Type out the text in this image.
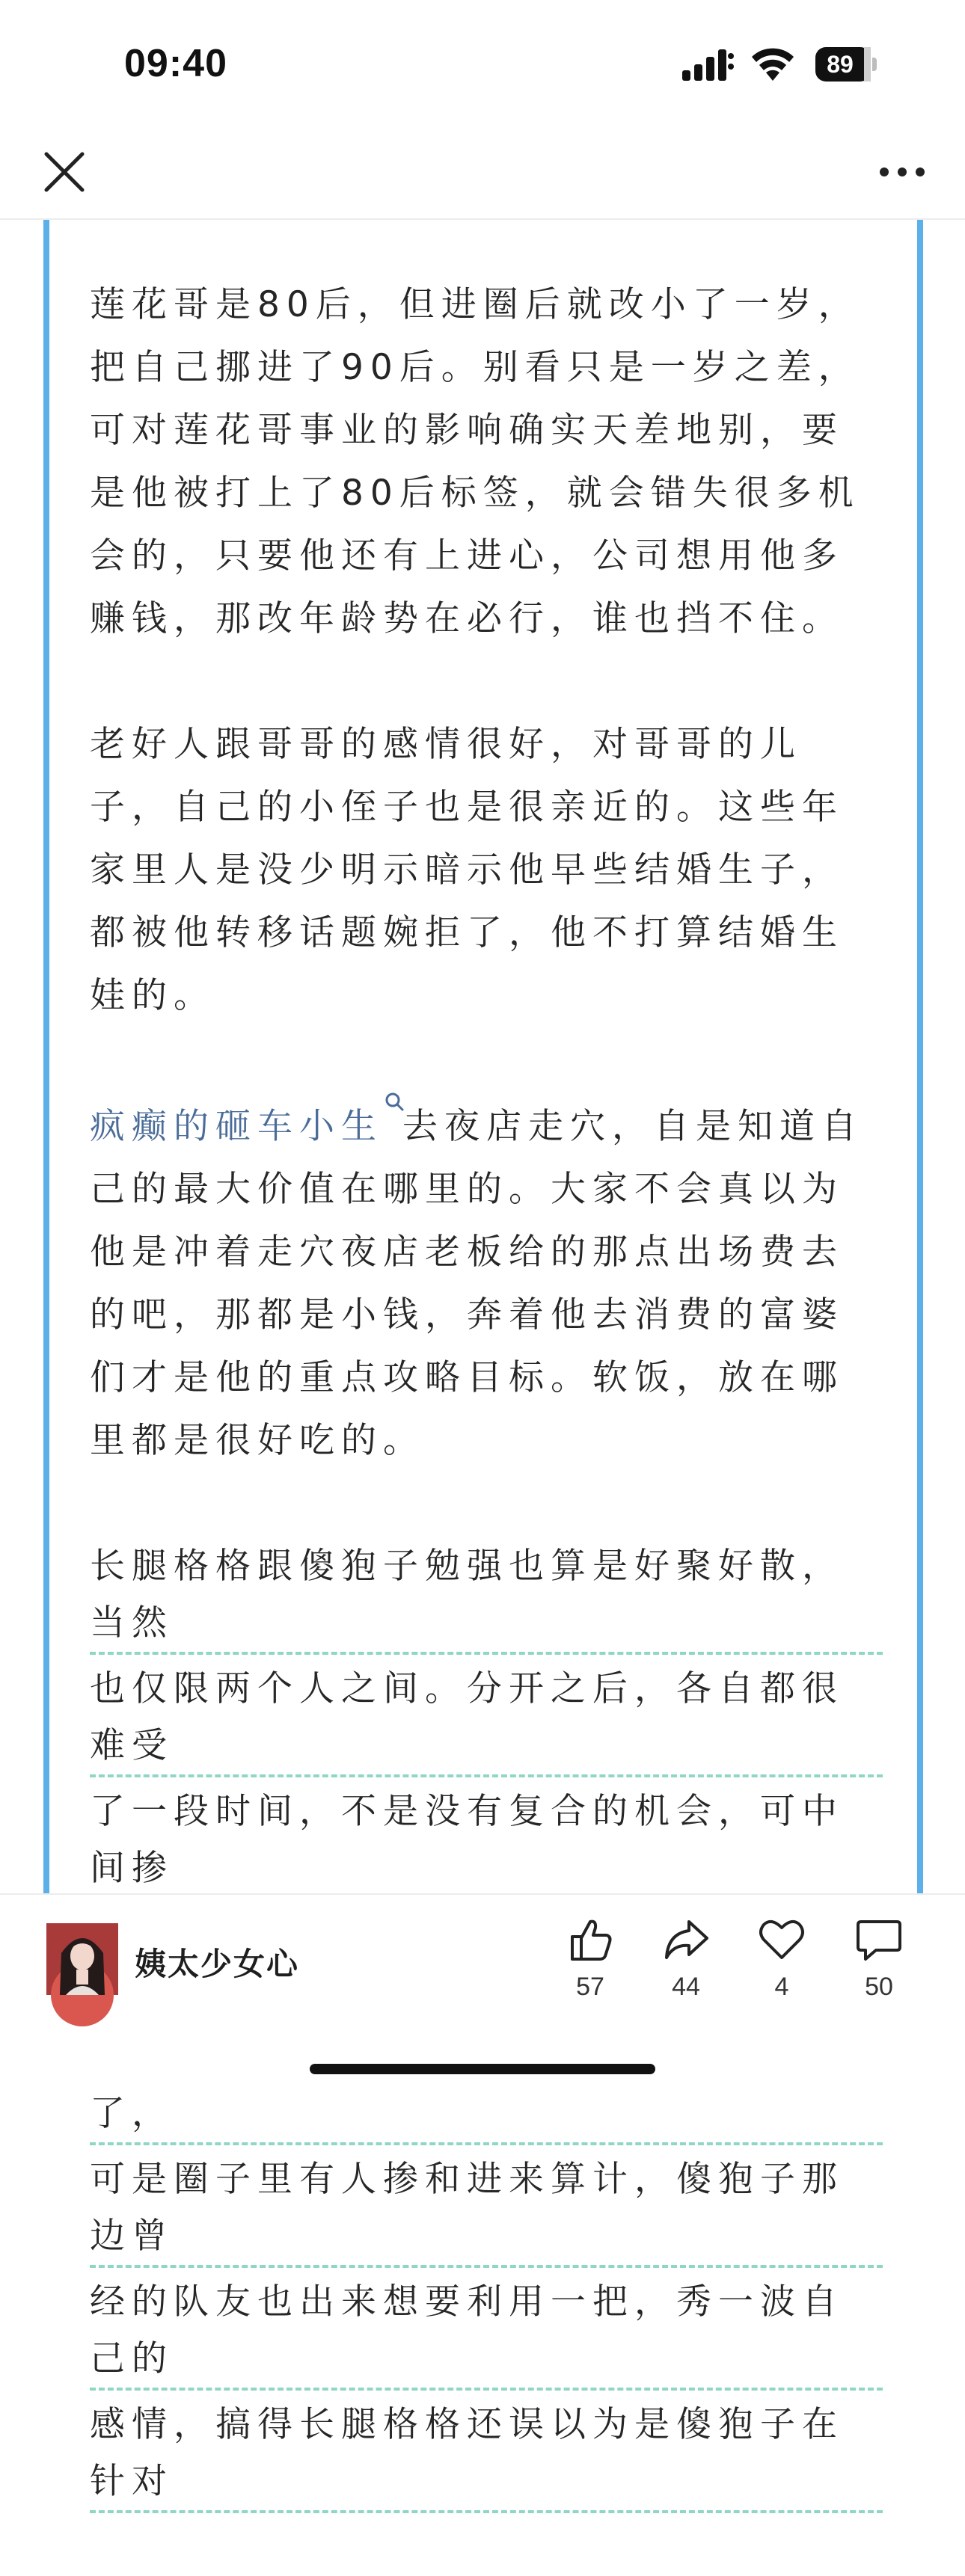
09:40	89

莲花哥是80后，但进圈后就改小了一岁，把自己挪进了90后。别看只是一岁之差，可对莲花哥事业的影响确实天差地别，要是他被打上了80后标签，就会错失很多机会的，只要他还有上进心，公司想用他多赚钱，那改年龄势在必行，谁也挡不住。

老好人跟哥哥的感情很好，对哥哥的儿子，自己的小侄子也是很亲近的。这些年家里人是没少明示暗示他早些结婚生子，都被他转移话题婉拒了，他不打算结婚生娃的。

疯癫的砸车小生 去夜店走穴，自是知道自己的最大价值在哪里的。大家不会真以为他是冲着走穴夜店老板给的那点出场费去的吧，那都是小钱，奔着他去消费的富婆们才是他的重点攻略目标。软饭，放在哪里都是很好吃的。

长腿格格跟傻狍子勉强也算是好聚好散，当然
也仅限两个人之间。分开之后，各自都很难受
了一段时间，不是没有复合的机会，可中间掺
了，
可是圈子里有人掺和进来算计，傻狍子那边曾
经的队友也出来想要利用一把，秀一波自己的
感情，搞得长腿格格还误以为是傻狍子在针对
姨太少女心
57	44	4	50
